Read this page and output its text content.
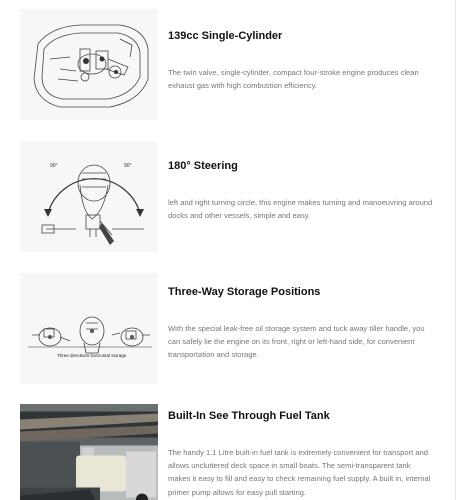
139cc Single-Cylinder
The twin valve, single-cylinder, compact four-stroke engine produces clean exhaust gas with high combustion efficiency.
90°	90°	180° Steering
left and right turning circle, this engine makes turning and manoeuvring around docks and other vessels, simple and easy.
Three directions horizontal storage
Three-Way Storage Positions
With the special leak-free oil storage system and tuck away tiller handle, you can safely lie the engine on its front, right or left-hand side, for convenient transportation and storage.
Built-In See Through Fuel Tank
The handy 1.1 Litre built-in fuel tank is extremely convenient for transport and allows uncluttered deck space in small boats. The semi-transparent tank makes it easy to fill and easy to check remaining fuel supply. A built in, internal primer pump allows for easy pull starting.
